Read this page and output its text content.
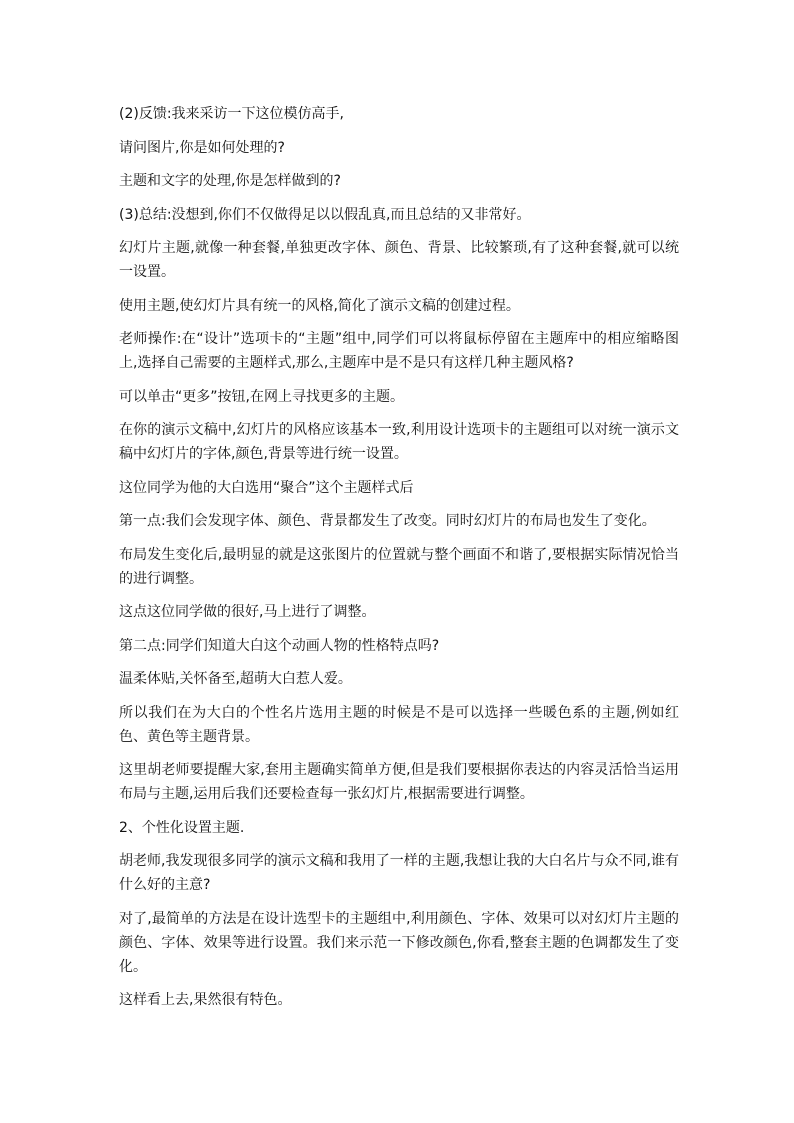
(2)反馈:我来采访一下这位模仿高手,

请问图片,你是如何处理的?

主题和文字的处理,你是怎样做到的?

(3)总结:没想到,你们不仅做得足以以假乱真,而且总结的又非常好。

幻灯片主题,就像一种套餐,单独更改字体、颜色、背景、比较繁琐,有了这种套餐,就可以统一设置。

使用主题,使幻灯片具有统一的风格,简化了演示文稿的创建过程。

老师操作:在“设计”选项卡的“主题”组中,同学们可以将鼠标停留在主题库中的相应缩略图上,选择自己需要的主题样式,那么,主题库中是不是只有这样几种主题风格?

可以单击“更多”按钮,在网上寻找更多的主题。

在你的演示文稿中,幻灯片的风格应该基本一致,利用设计选项卡的主题组可以对统一演示文稿中幻灯片的字体,颜色,背景等进行统一设置。

这位同学为他的大白选用“聚合”这个主题样式后

第一点:我们会发现字体、颜色、背景都发生了改变。同时幻灯片的布局也发生了变化。

布局发生变化后,最明显的就是这张图片的位置就与整个画面不和谐了,要根据实际情况恰当的进行调整。

这点这位同学做的很好,马上进行了调整。

第二点:同学们知道大白这个动画人物的性格特点吗?

温柔体贴,关怀备至,超萌大白惹人爱。

所以我们在为大白的个性名片选用主题的时候是不是可以选择一些暖色系的主题,例如红色、黄色等主题背景。

这里胡老师要提醒大家,套用主题确实简单方便,但是我们要根据你表达的内容灵活恰当运用布局与主题,运用后我们还要检查每一张幻灯片,根据需要进行调整。

2、个性化设置主题.

胡老师,我发现很多同学的演示文稿和我用了一样的主题,我想让我的大白名片与众不同,谁有什么好的主意?

对了,最简单的方法是在设计选型卡的主题组中,利用颜色、字体、效果可以对幻灯片主题的颜色、字体、效果等进行设置。我们来示范一下修改颜色,你看,整套主题的色调都发生了变化。

这样看上去,果然很有特色。
